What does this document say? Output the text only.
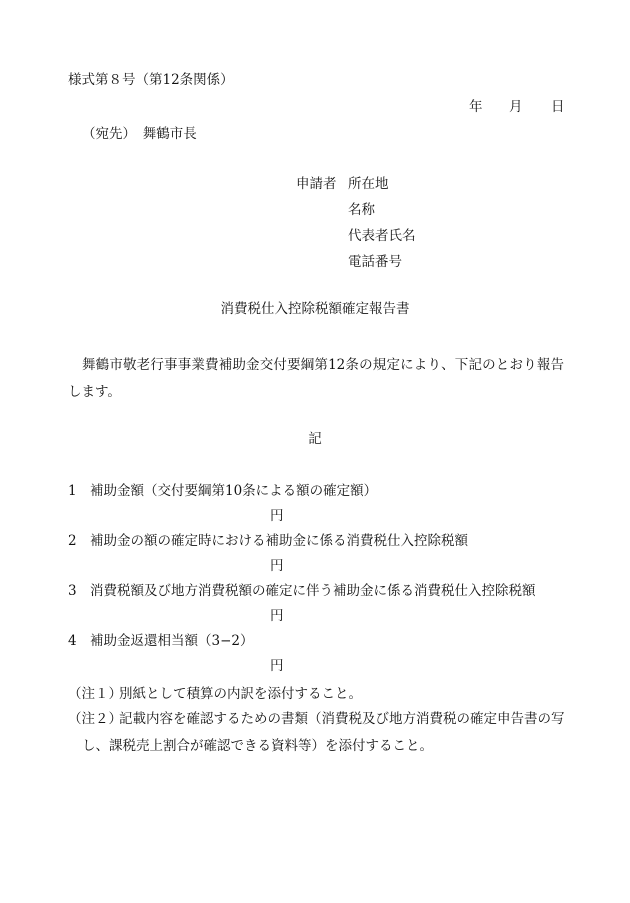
様式第８号（第12条関係）
年 月 日
（宛先）　舞鶴市長
申請者 所在地
名称
代表者氏名
電話番号
消費税仕入控除税額確定報告書

舞鶴市敬老行事事業費補助金交付要綱第12条の規定により、下記のとおり報告します。

記
1 補助金額（交付要綱第10条による額の確定額）
円
2 補助金の額の確定時における補助金に係る消費税仕入控除税額
円
3 消費税額及び地方消費税額の確定に伴う補助金に係る消費税仕入控除税額
円
4 補助金返還相当額（3−2）
円
（注１）別紙として積算の内訳を添付すること。
（注２）記載内容を確認するための書類（消費税及び地方消費税の確定申告書の写
し、課税売上割合が確認できる資料等）を添付すること。
